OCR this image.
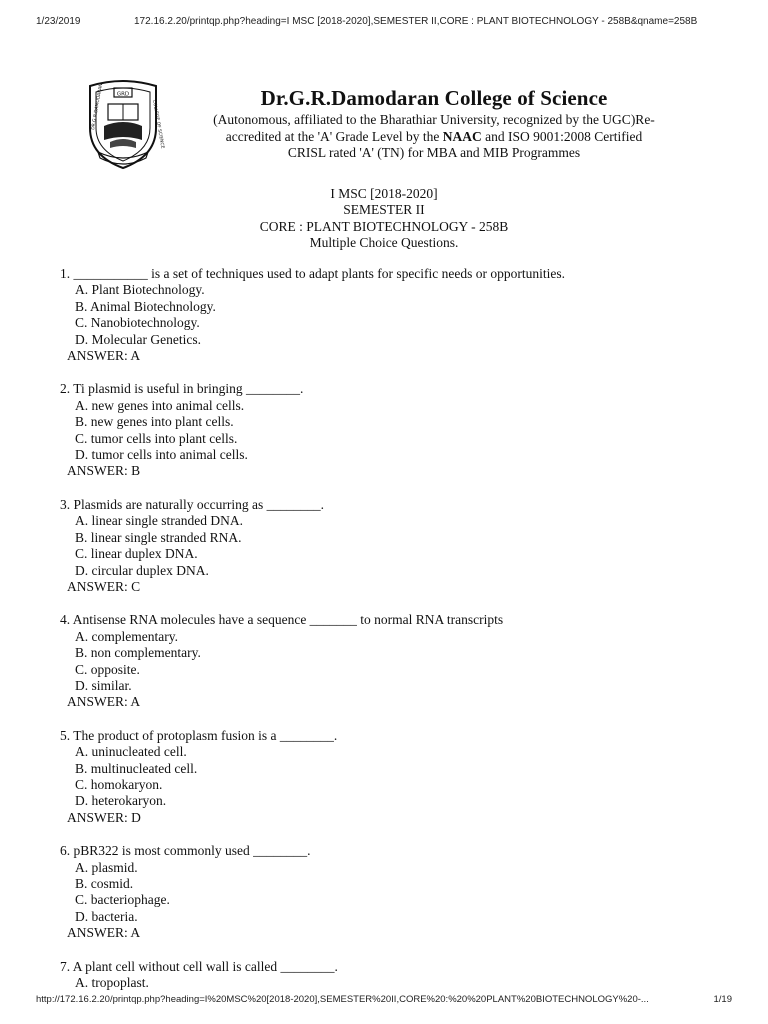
1/23/2019	172.16.2.20/printqp.php?heading=I MSC [2018-2020],SEMESTER II,CORE : PLANT BIOTECHNOLOGY - 258B&qname=258B
GRD
DR.G.R.DAMODARAN	COLLEGE OF SCIENCE
Dr.G.R.Damodaran College of Science
(Autonomous, affiliated to the Bharathiar University, recognized by the UGC)Re-
accredited at the 'A' Grade Level by the NAAC and ISO 9001:2008 Certified
CRISL rated 'A' (TN) for MBA and MIB Programmes
I MSC [2018-2020]
SEMESTER II
CORE : PLANT BIOTECHNOLOGY - 258B
Multiple Choice Questions.
1. ___________ is a set of techniques used to adapt plants for specific needs or opportunities.
A. Plant Biotechnology.
B. Animal Biotechnology.
C. Nanobiotechnology.
D. Molecular Genetics.
ANSWER: A
2. Ti plasmid is useful in bringing ________.
A. new genes into animal cells.
B. new genes into plant cells.
C. tumor cells into plant cells.
D. tumor cells into animal cells.
ANSWER: B
3. Plasmids are naturally occurring as ________.
A. linear single stranded DNA.
B. linear single stranded RNA.
C. linear duplex DNA.
D. circular duplex DNA.
ANSWER: C
4. Antisense RNA molecules have a sequence _______ to normal RNA transcripts
A. complementary.
B. non complementary.
C. opposite.
D. similar.
ANSWER: A
5. The product of protoplasm fusion is a ________.
A. uninucleated cell.
B. multinucleated cell.
C. homokaryon.
D. heterokaryon.
ANSWER: D
6. pBR322 is most commonly used ________.
A. plasmid.
B. cosmid.
C. bacteriophage.
D. bacteria.
ANSWER: A
7. A plant cell without cell wall is called ________.
A. tropoplast.
http://172.16.2.20/printqp.php?heading=I%20MSC%20[2018-2020],SEMESTER%20II,CORE%20:%20%20PLANT%20BIOTECHNOLOGY%20-...	1/19
